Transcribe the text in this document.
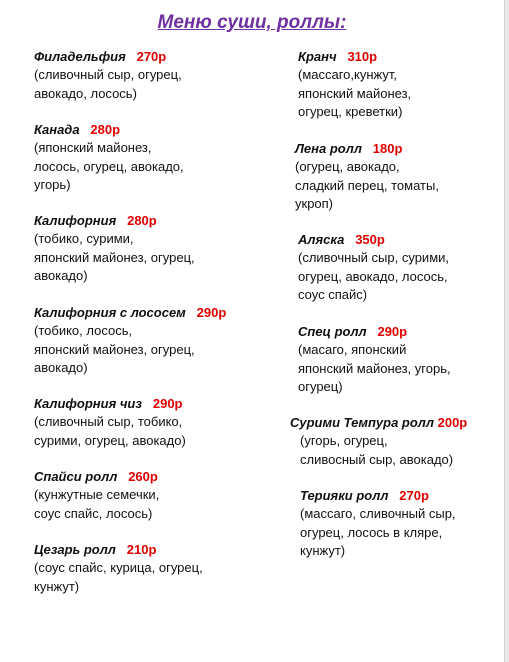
Меню суши, роллы:
Филадельфия 270р
(сливочный сыр, огурец,
авокадо, лосось)
Канада 280р
(японский майонез,
лосось, огурец, авокадо,
угорь)
Калифорния 280р
(тобико, сурими,
японский майонез, огурец,
авокадо)
Калифорния с лососем 290р
(тобико, лосось,
японский майонез, огурец,
авокадо)
Калифорния чиз 290р
(сливочный сыр, тобико,
сурими, огурец, авокадо)
Спайси ролл 260р
(кунжутные семечки,
соус спайс, лосось)
Цезарь ролл 210р
(соус спайс, курица, огурец,
кунжут)
Кранч 310р
(массаго,кунжут,
японский майонез,
огурец, креветки)
Лена ролл 180р
(огурец, авокадо,
сладкий перец, томаты,
укроп)
Аляска 350р
(сливочный сыр, сурими,
огурец, авокадо, лосось,
соус спайс)
Спец ролл 290р
(масаго, японский
японский майонез, угорь,
огурец)
Сурими Темпура ролл 200р
(угорь, огурец,
сливосный сыр, авокадо)
Терияки ролл 270р
(массаго, сливочный сыр,
огурец, лосось в кляре,
кунжут)
